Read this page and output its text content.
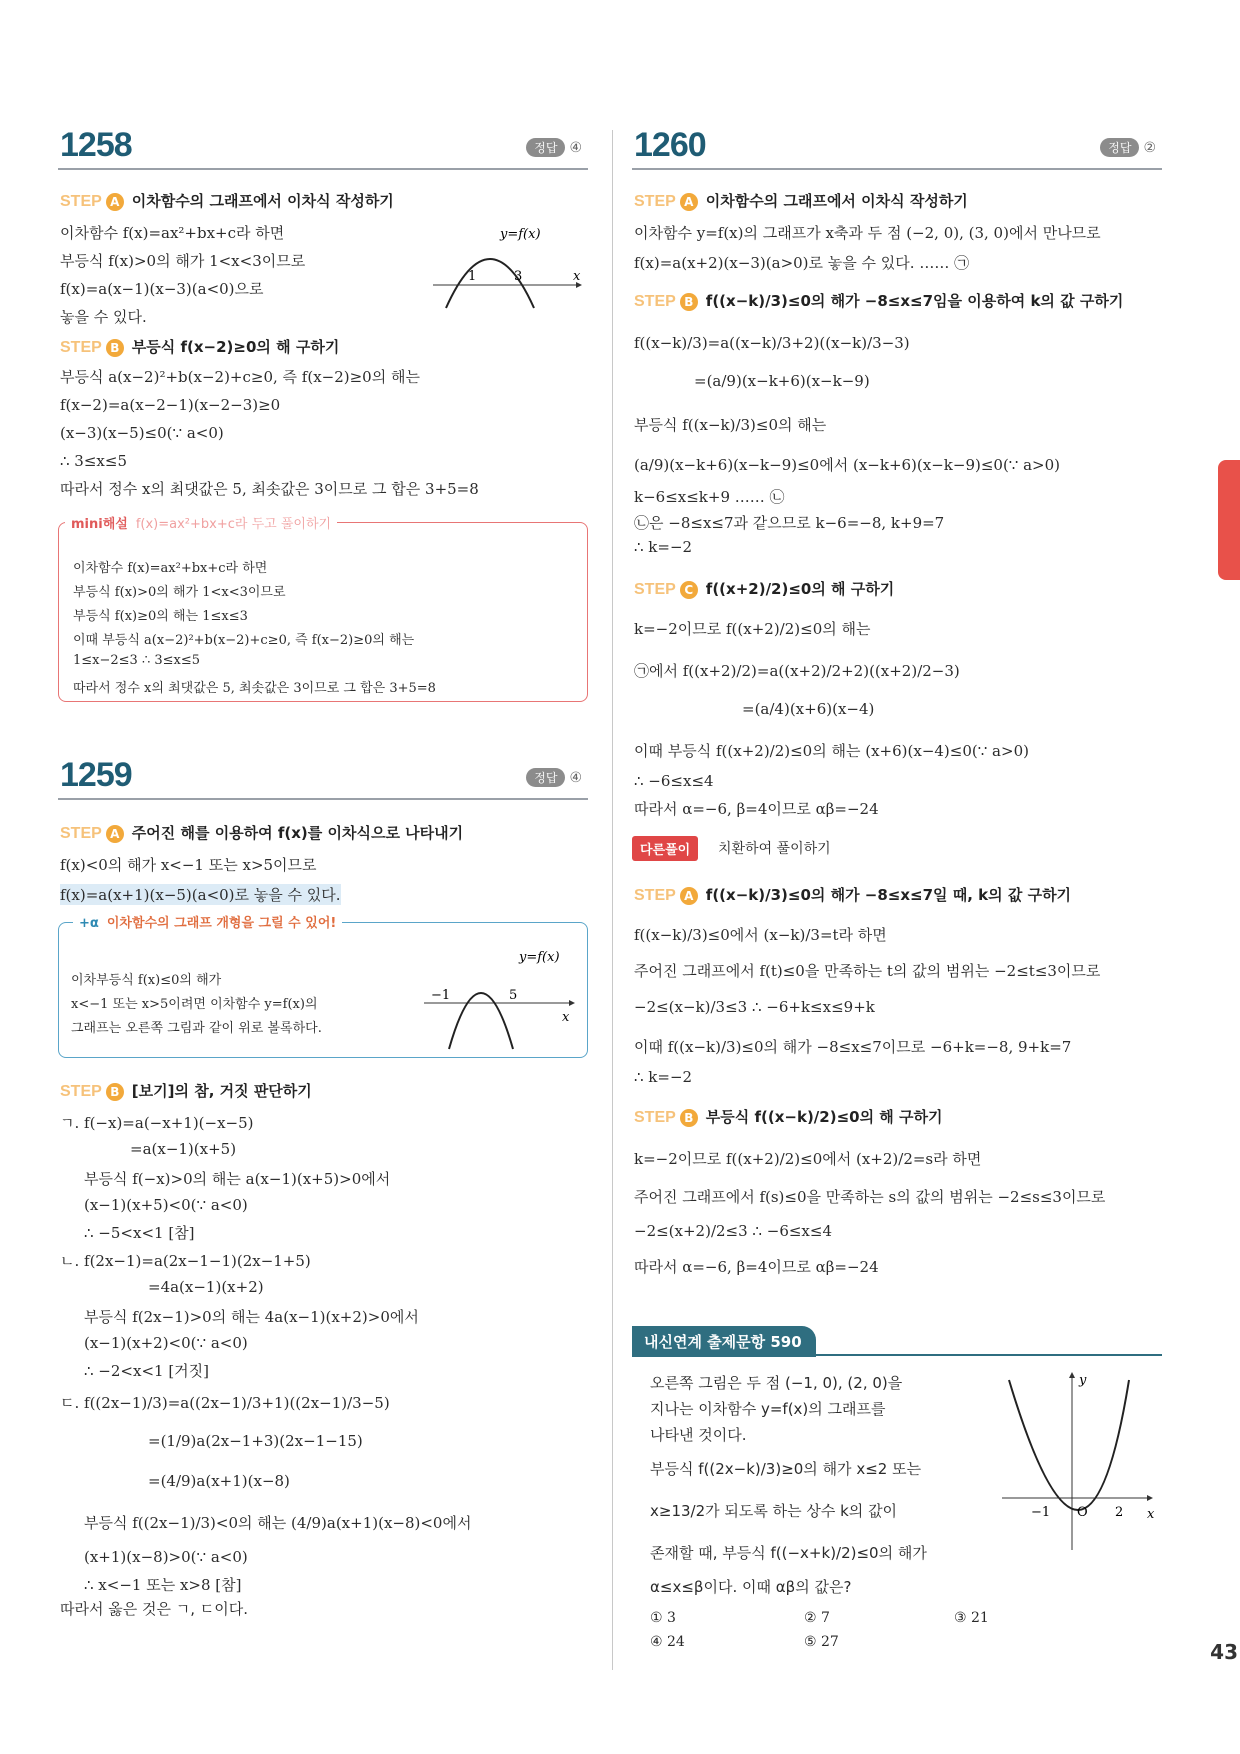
43
1258	정답 ④
STEP A 이차함수의 그래프에서 이차식 작성하기
이차함수 f(x)=ax²+bx+c라 하면
부등식 f(x)>0의 해가 1<x<3이므로
f(x)=a(x−1)(x−3)(a<0)으로
놓을 수 있다.
1	3	x
y=f(x)
STEP B 부등식 f(x−2)≥0의 해 구하기
부등식 a(x−2)²+b(x−2)+c≥0, 즉 f(x−2)≥0의 해는
f(x−2)=a(x−2−1)(x−2−3)≥0
(x−3)(x−5)≤0(∵ a<0)
∴ 3≤x≤5
따라서 정수 x의 최댓값은 5, 최솟값은 3이므로 그 합은 3+5=8
mini해설 f(x)=ax²+bx+c라 두고 풀이하기
이차함수 f(x)=ax²+bx+c라 하면
부등식 f(x)>0의 해가 1<x<3이므로
부등식 f(x)≥0의 해는 1≤x≤3
이때 부등식 a(x−2)²+b(x−2)+c≥0, 즉 f(x−2)≥0의 해는
1≤x−2≤3 ∴ 3≤x≤5
따라서 정수 x의 최댓값은 5, 최솟값은 3이므로 그 합은 3+5=8
1259	정답 ④
STEP A 주어진 해를 이용하여 f(x)를 이차식으로 나타내기
f(x)<0의 해가 x<−1 또는 x>5이므로
f(x)=a(x+1)(x−5)(a<0)로 놓을 수 있다.
+α 이차함수의 그래프 개형을 그릴 수 있어!
이차부등식 f(x)≤0의 해가
x<−1 또는 x>5이려면 이차함수 y=f(x)의
그래프는 오른쪽 그림과 같이 위로 볼록하다.
−1	5
x
y=f(x)
STEP B [보기]의 참, 거짓 판단하기
ㄱ. f(−x)=a(−x+1)(−x−5)
=a(x−1)(x+5)
부등식 f(−x)>0의 해는 a(x−1)(x+5)>0에서
(x−1)(x+5)<0(∵ a<0)
∴ −5<x<1 [참]
ㄴ. f(2x−1)=a(2x−1−1)(2x−1+5)
=4a(x−1)(x+2)
부등식 f(2x−1)>0의 해는 4a(x−1)(x+2)>0에서
(x−1)(x+2)<0(∵ a<0)
∴ −2<x<1 [거짓]
ㄷ. f((2x−1)/3)=a((2x−1)/3+1)((2x−1)/3−5)
=(1/9)a(2x−1+3)(2x−1−15)
=(4/9)a(x+1)(x−8)
부등식 f((2x−1)/3)<0의 해는 (4/9)a(x+1)(x−8)<0에서
(x+1)(x−8)>0(∵ a<0)
∴ x<−1 또는 x>8 [참]
따라서 옳은 것은 ㄱ, ㄷ이다.
1260	정답 ②
STEP A 이차함수의 그래프에서 이차식 작성하기
이차함수 y=f(x)의 그래프가 x축과 두 점 (−2, 0), (3, 0)에서 만나므로
f(x)=a(x+2)(x−3)(a>0)로 놓을 수 있다. …… ㉠
STEP B f((x−k)/3)≤0의 해가 −8≤x≤7임을 이용하여 k의 값 구하기
f((x−k)/3)=a((x−k)/3+2)((x−k)/3−3)
=(a/9)(x−k+6)(x−k−9)
부등식 f((x−k)/3)≤0의 해는
(a/9)(x−k+6)(x−k−9)≤0에서 (x−k+6)(x−k−9)≤0(∵ a>0)
k−6≤x≤k+9 …… ㉡
㉡은 −8≤x≤7과 같으므로 k−6=−8, k+9=7
∴ k=−2
STEP C f((x+2)/2)≤0의 해 구하기
k=−2이므로 f((x+2)/2)≤0의 해는
㉠에서 f((x+2)/2)=a((x+2)/2+2)((x+2)/2−3)
=(a/4)(x+6)(x−4)
이때 부등식 f((x+2)/2)≤0의 해는 (x+6)(x−4)≤0(∵ a>0)
∴ −6≤x≤4
따라서 α=−6, β=4이므로 αβ=−24
다른풀이	치환하여 풀이하기
STEP A f((x−k)/3)≤0의 해가 −8≤x≤7일 때, k의 값 구하기
f((x−k)/3)≤0에서 (x−k)/3=t라 하면
주어진 그래프에서 f(t)≤0을 만족하는 t의 값의 범위는 −2≤t≤3이므로
−2≤(x−k)/3≤3 ∴ −6+k≤x≤9+k
이때 f((x−k)/3)≤0의 해가 −8≤x≤7이므로 −6+k=−8, 9+k=7
∴ k=−2
STEP B 부등식 f((x−k)/2)≤0의 해 구하기
k=−2이므로 f((x+2)/2)≤0에서 (x+2)/2=s라 하면
주어진 그래프에서 f(s)≤0을 만족하는 s의 값의 범위는 −2≤s≤3이므로
−2≤(x+2)/2≤3 ∴ −6≤x≤4
따라서 α=−6, β=4이므로 αβ=−24
내신연계 출제문항 590
오른쪽 그림은 두 점 (−1, 0), (2, 0)을
지나는 이차함수 y=f(x)의 그래프를
나타낸 것이다.
부등식 f((2x−k)/3)≥0의 해가 x≤2 또는
x≥13/2가 되도록 하는 상수 k의 값이
존재할 때, 부등식 f((−x+k)/2)≤0의 해가
α≤x≤β이다. 이때 αβ의 값은?
y
x
−1 O 2
① 3	② 7	③ 21
④ 24	⑤ 27
